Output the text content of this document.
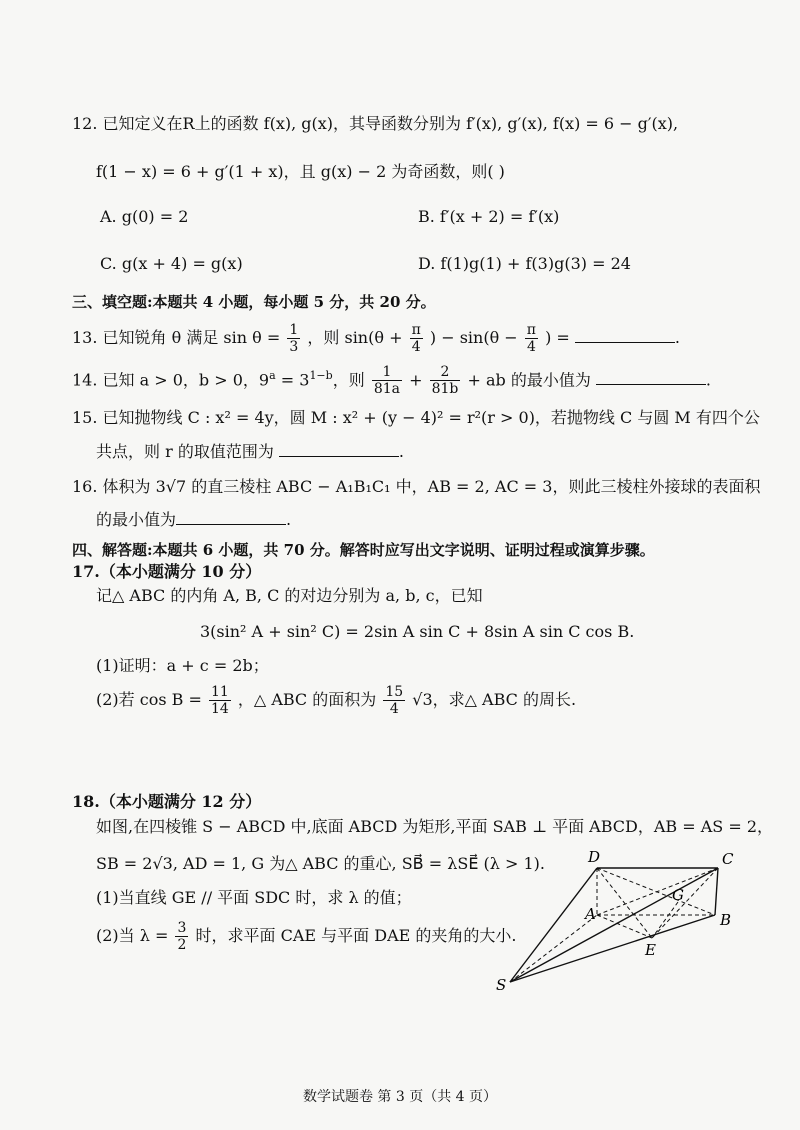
12. 已知定义在R上的函数 f(x), g(x)，其导函数分别为 f′(x), g′(x), f(x) = 6 − g′(x),
f(1 − x) = 6 + g′(1 + x)，且 g(x) − 2 为奇函数，则( )
A. g(0) = 2	B. f′(x + 2) = f′(x)
C. g(x + 4) = g(x)	D. f(1)g(1) + f(3)g(3) = 24
三、填空题:本题共 4 小题，每小题 5 分，共 20 分。
13. 已知锐角 θ 满足 $\sin \theta = \frac{1}{3}$ ，则 $\sin(\theta + \frac{\pi}{4}$ ) − $\sin(\theta - \frac{\pi}{4}$ ) =	.
14. 已知 a > 0，b > 0，$9^a = 3^{1-b}$，则 $\frac{1}{81a} + \frac{2}{81b}$ + ab 的最小值为	.
15. 已知抛物线 C : x² = 4y，圆 M : x² + (y − 4)² = r²(r > 0)，若抛物线 C 与圆 M 有四个公
共点，则 r 的取值范围为	.
16. 体积为 3√7 的直三棱柱 ABC − A₁B₁C₁ 中，AB = 2, AC = 3，则此三棱柱外接球的表面积
的最小值为	.
四、解答题:本题共 6 小题，共 70 分。解答时应写出文字说明、证明过程或演算步骤。
17.（本小题满分 10 分）
记△ ABC 的内角 A, B, C 的对边分别为 a, b, c，已知
3(sin² A + sin² C) = 2sin A sin C + 8sin A sin C cos B.
(1)证明：a + c = 2b；
(2)若 $\cos B = \frac{11}{14}$ ，△ ABC 的面积为 $\frac{15}{4} √3$，求△ ABC 的周长.
18.（本小题满分 12 分）
如图,在四棱锥 S − ABCD 中,底面 ABCD 为矩形,平面 SAB ⊥ 平面 ABCD，AB = AS = 2，
SB = 2√3, AD = 1, G 为△ ABC 的重心, SB⃗ = λSE⃗ (λ > 1).
(1)当直线 GE // 平面 SDC 时，求 λ 的值；
(2)当 $\lambda = \frac{3}{2}$ 时，求平面 CAE 与平面 DAE 的夹角的大小.
D	C
A	B
G
E
S
数学试题卷 第 3 页（共 4 页）
